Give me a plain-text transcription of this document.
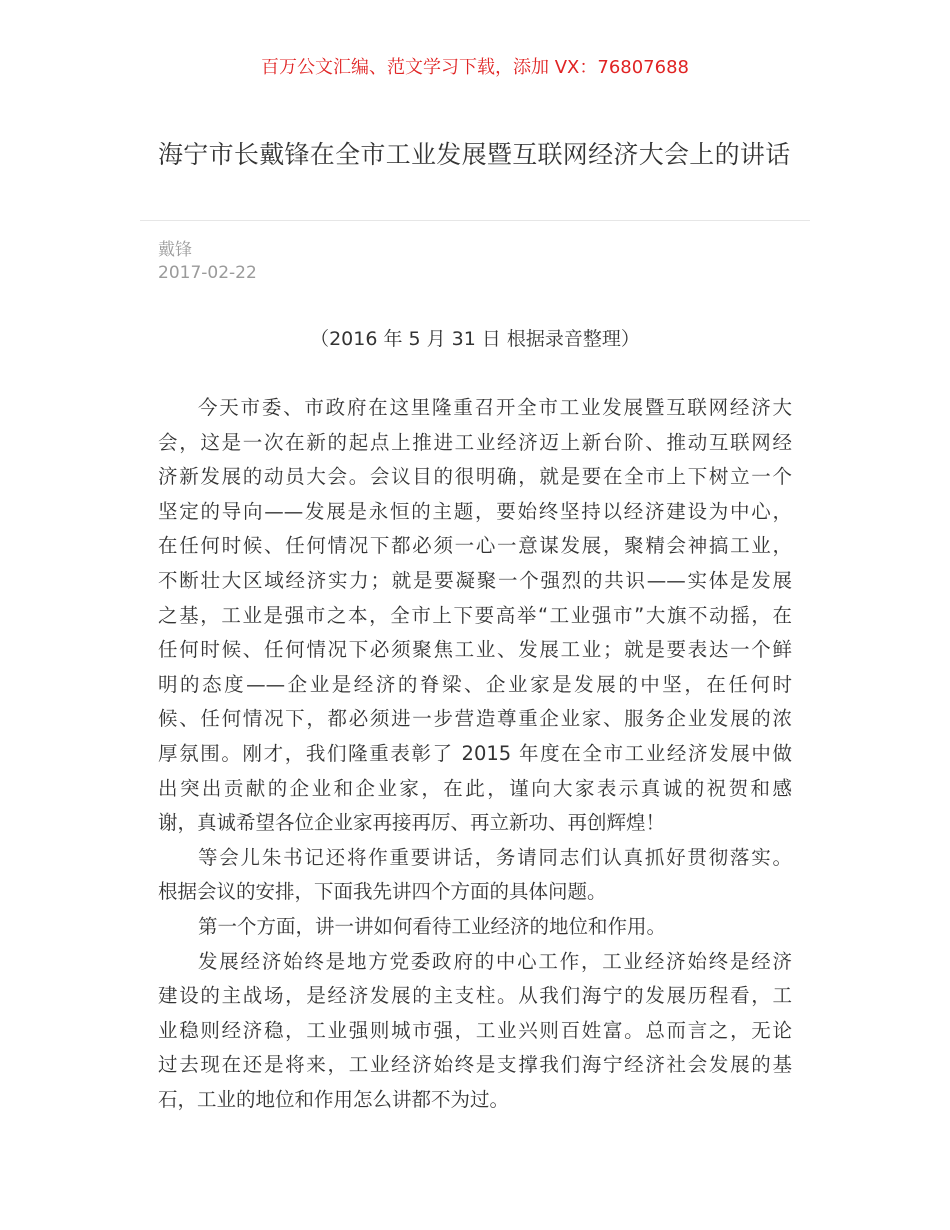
百万公文汇编、范文学习下载，添加 VX：76807688
海宁市长戴锋在全市工业发展暨互联网经济大会上的讲话
戴锋
2017-02-22
（2016 年 5 月 31 日 根据录音整理）
今天市委、市政府在这里隆重召开全市工业发展暨互联网经济大
会，这是一次在新的起点上推进工业经济迈上新台阶、推动互联网经
济新发展的动员大会。会议目的很明确，就是要在全市上下树立一个
坚定的导向——发展是永恒的主题，要始终坚持以经济建设为中心，
在任何时候、任何情况下都必须一心一意谋发展，聚精会神搞工业，
不断壮大区域经济实力；就是要凝聚一个强烈的共识——实体是发展
之基，工业是强市之本，全市上下要高举“工业强市”大旗不动摇，在
任何时候、任何情况下必须聚焦工业、发展工业；就是要表达一个鲜
明的态度——企业是经济的脊梁、企业家是发展的中坚，在任何时
候、任何情况下，都必须进一步营造尊重企业家、服务企业发展的浓
厚氛围。刚才，我们隆重表彰了 2015 年度在全市工业经济发展中做
出突出贡献的企业和企业家，在此，谨向大家表示真诚的祝贺和感
谢，真诚希望各位企业家再接再厉、再立新功、再创辉煌！
等会儿朱书记还将作重要讲话，务请同志们认真抓好贯彻落实。
根据会议的安排，下面我先讲四个方面的具体问题。
第一个方面，讲一讲如何看待工业经济的地位和作用。
发展经济始终是地方党委政府的中心工作，工业经济始终是经济
建设的主战场，是经济发展的主支柱。从我们海宁的发展历程看，工
业稳则经济稳，工业强则城市强，工业兴则百姓富。总而言之，无论
过去现在还是将来，工业经济始终是支撑我们海宁经济社会发展的基
石，工业的地位和作用怎么讲都不为过。
